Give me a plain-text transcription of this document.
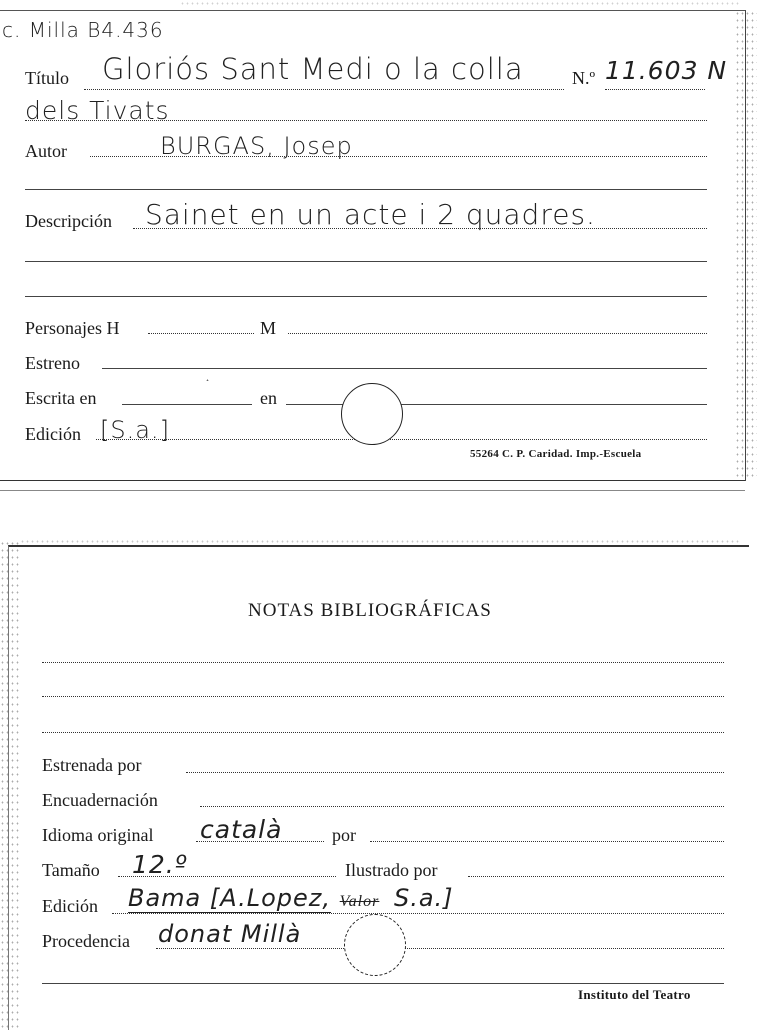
c. Milla B4.436
Título Gloriós Sant Medi o la colla	N.º 11.603 N
dels Tivats
Autor	BURGAS, Josep
Descripción Sainet en un acte i 2 quadres.
Personajes H	M
Estreno
Escrita en	en
Edición [S.a.]
55264 C. P. Caridad. Imp.-Escuela
NOTAS BIBLIOGRÁFICAS
Estrenada por
Encuadernación
Idioma original català	por
Tamaño 12.º	Ilustrado por
Edición Bama [A.Lopez, Valor S.a.]
Procedencia donat Millà
Instituto del Teatro
